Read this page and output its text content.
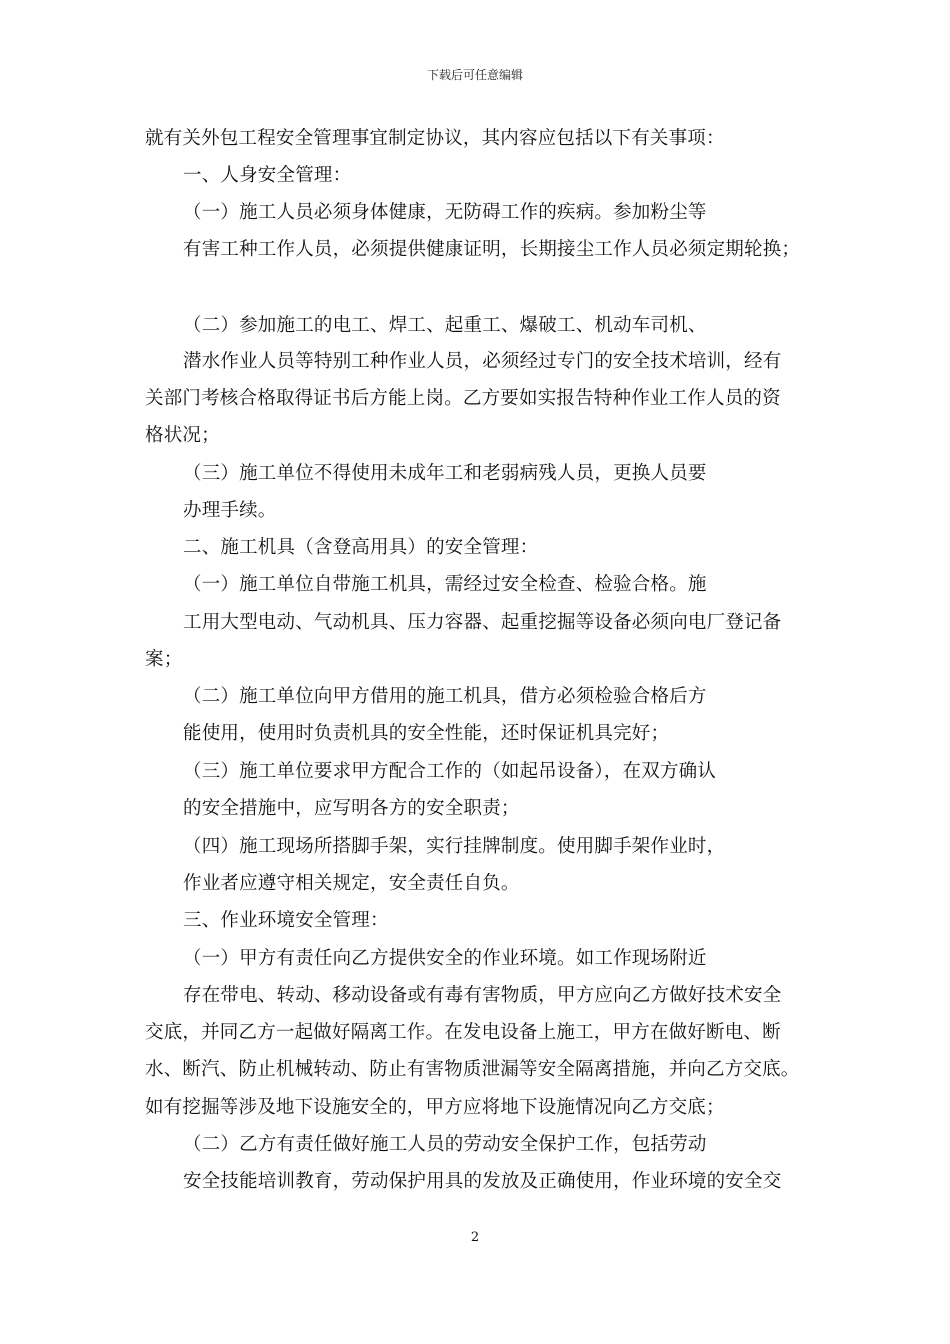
下载后可任意编辑
就有关外包工程安全管理事宜制定协议，其内容应包括以下有关事项：
一、人身安全管理：
（一）施工人员必须身体健康，无防碍工作的疾病。参加粉尘等
有害工种工作人员，必须提供健康证明，长期接尘工作人员必须定期轮换；
（二）参加施工的电工、焊工、起重工、爆破工、机动车司机、
潜水作业人员等特别工种作业人员，必须经过专门的安全技术培训，经有
关部门考核合格取得证书后方能上岗。乙方要如实报告特种作业工作人员的资
格状况；
（三）施工单位不得使用未成年工和老弱病残人员，更换人员要
办理手续。
二、施工机具（含登高用具）的安全管理：
（一）施工单位自带施工机具，需经过安全检查、检验合格。施
工用大型电动、气动机具、压力容器、起重挖掘等设备必须向电厂登记备
案；
（二）施工单位向甲方借用的施工机具，借方必须检验合格后方
能使用，使用时负责机具的安全性能，还时保证机具完好；
（三）施工单位要求甲方配合工作的（如起吊设备），在双方确认
的安全措施中，应写明各方的安全职责；
（四）施工现场所搭脚手架，实行挂牌制度。使用脚手架作业时，
作业者应遵守相关规定，安全责任自负。
三、作业环境安全管理：
（一）甲方有责任向乙方提供安全的作业环境。如工作现场附近
存在带电、转动、移动设备或有毒有害物质，甲方应向乙方做好技术安全
交底，并同乙方一起做好隔离工作。在发电设备上施工，甲方在做好断电、断
水、断汽、防止机械转动、防止有害物质泄漏等安全隔离措施，并向乙方交底。
如有挖掘等涉及地下设施安全的，甲方应将地下设施情况向乙方交底；
（二）乙方有责任做好施工人员的劳动安全保护工作，包括劳动
安全技能培训教育，劳动保护用具的发放及正确使用，作业环境的安全交
2
